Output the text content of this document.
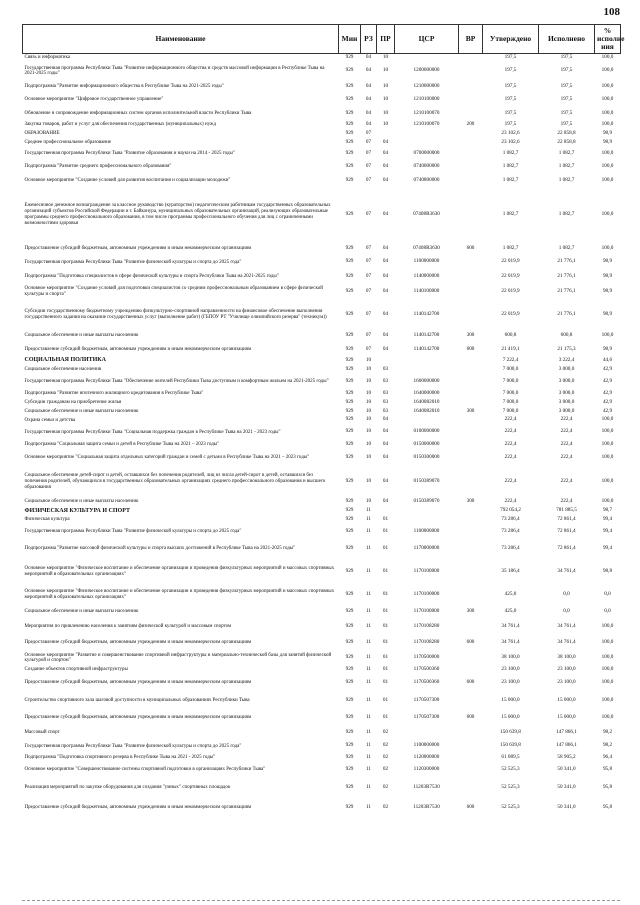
108
Наименование	Мин	РЗ	ПР	ЦСР	ВР	Утверждено	Исполнено	% исполне ния
Связь и информатика	929	04	10			197,5	197,5	100,0
Государственная программа Республики Тыва "Развитие информационного общества и средств массовой информации в Республике Тыва на 2021-2025 годы"	929	04	10	1200000000		197,5	197,5	100,0
Подпрограмма "Развитие информационного общества в Республике Тыва на 2021-2025 годы"	929	04	10	1210000000		197,5	197,5	100,0
Основное мероприятие "Цифровое государственное управление"	929	04	10	1210100000		197,5	197,5	100,0
Обновление и сопровождение информационных систем органов исполнительной власти Республики Тыва	929	04	10	1210100070		197,5	197,5	100,0
Закупка товаров, работ и услуг для обеспечения государственных (муниципальных) нужд	929	04	10	1210100070	200	197,5	197,5	100,0
ОБРАЗОВАНИЕ	929	07				23 102,6	22 858,8	98,9
Среднее профессиональное образование	929	07	04			23 102,6	22 858,8	98,9
Государственная программа Республики Тыва "Развитие образования и науки на 2014 - 2025 годы"	929	07	04	0700000000		1 082,7	1 082,7	100,0
Подпрограмма "Развитие среднего профессионального образования"	929	07	04	0740000000		1 082,7	1 082,7	100,0
Основное мероприятие "Создание условий для развития воспитания и социализации молодежи"	929	07	04	0740800000		1 082,7	1 082,7	100,0
Ежемесячное денежное вознаграждение за классное руководство (кураторство) педагогическим работникам государственных образовательных организаций субъектов Российской Федерации и г. Байконура, муниципальных образовательных организаций, реализующих образовательные программы среднего профессионального образования, в том числе программы профессионального обучения для лиц с ограниченными возможностями здоровья	929	07	04	07408R3630		1 082,7	1 082,7	100,0
Предоставление субсидий бюджетным, автономным учреждениям и иным некоммерческим организациям	929	07	04	07408R3630	600	1 082,7	1 082,7	100,0
Государственная программа Республики Тыва "Развитие физической культуры и спорта до 2025 года"	929	07	04	1100000000		22 019,9	21 776,1	98,9
Подпрограмма "Подготовка специалистов в сфере физической культуры и спорта Республики Тыва на 2021-2025 годы"	929	07	04	1140000000		22 019,9	21 776,1	98,9
Основное мероприятие "Создание условий для подготовки специалистов со средним профессиональным образованием в сфере физической культуры и спорта"	929	07	04	1140100000		22 019,9	21 776,1	98,9
Субсидии государственному бюджетному учреждению физкультурно-спортивной направленности на финансовое обеспечение выполнения государственного задания на оказание государственных услуг (выполнение работ) (ГБПОУ РТ "Училище олимпийского резерва" (техникум))	929	07	04	1140142700		22 019,9	21 776,1	98,9
Социальное обеспечение и иные выплаты населению	929	07	04	1140142700	300	600,8	600,8	100,0
Предоставление субсидий бюджетным, автономным учреждениям и иным некоммерческим организациям	929	07	04	1140142700	600	21 419,1	21 175,3	98,9
СОЦИАЛЬНАЯ ПОЛИТИКА	929	10				7 222,4	3 222,4	44,6
Социальное обеспечение населения	929	10	03			7 000,0	3 000,0	42,9
Государственная программа Республики Тыва "Обеспечение жителей Республики Тыва доступным и комфортным жильем на 2021-2025 годы"	929	10	03	1600000000		7 000,0	3 000,0	42,9
Подпрограмма "Развитие ипотечного жилищного кредитования в Республике Тыва"	929	10	03	1640000000		7 000,0	3 000,0	42,9
Субсидии гражданам на приобретение жилья	929	10	03	1640082010		7 000,0	3 000,0	42,9
Социальное обеспечение и иные выплаты населению	929	10	03	1640082010	300	7 000,0	3 000,0	42,9
Охрана семьи и детства	929	10	04			222,4	222,4	100,0
Государственная программа Республики Тыва "Социальная поддержка граждан в Республике Тыва на 2021 - 2023 годы"	929	10	04	0100000000		222,4	222,4	100,0
Подпрограмма "Социальная защита семьи и детей в Республике Тыва на 2021 – 2023 годы"	929	10	04	0150000000		222,4	222,4	100,0
Основное мероприятие "Социальная защита отдельных категорий граждан и семей с детьми в Республике Тыва на 2021 – 2023 годы"	929	10	04	0150300000		222,4	222,4	100,0
Социальное обеспечение детей-сирот и детей, оставшихся без попечения родителей, лиц из числа детей-сирот и детей, оставшихся без попечения родителей, обучающихся в государственных образовательных организациях среднего профессионального образования и высшего образования	929	10	04	0150389070		222,4	222,4	100,0
Социальное обеспечение и иные выплаты населению	929	10	04	0150389070	300	222,4	222,4	100,0
ФИЗИЧЕСКАЯ КУЛЬТУРА И СПОРТ	929	11				792 054,2	781 885,5	98,7
Физическая культура	929	11	01			73 286,4	72 861,4	99,4
Государственная программа Республики Тыва "Развитие физической культуры и спорта до 2025 года"	929	11	01	1100000000		73 286,4	72 861,4	99,4
Подпрограмма "Развитие массовой физической культуры и спорта высших достижений в Республике Тыва на 2021-2025 годы"	929	11	01	1170000000		73 286,4	72 861,4	99,4
Основное мероприятие "Физическое воспитание и обеспечение организации и проведения физкультурных мероприятий и массовых спортивных мероприятий в образовательных организациях"	929	11	01	1170100000		35 186,4	34 761,4	98,8
Основное мероприятие "Физическое воспитание и обеспечение организации и проведения физкультурных мероприятий и массовых спортивных мероприятий в образовательных организациях"	929	11	01	1170100000		425,0	0,0	0,0
Социальное обеспечение и иные выплаты населению	929	11	01	1170100000	300	425,0	0,0	0,0
Мероприятия по привлечению населения к занятиям физической культурой и массовым спортом	929	11	01	1170108280		34 761,4	34 761,4	100,0
Предоставление субсидий бюджетным, автономным учреждениям и иным некоммерческим организациям	929	11	01	1170108280	600	34 761,4	34 761,4	100,0
Основное мероприятие "Развитие и совершенствование спортивной инфраструктуры и материально-технической базы для занятий физической культурой и спортом"	929	11	01	1170500000		38 100,0	38 100,0	100,0
Создание объектов спортивной инфраструктуры	929	11	01	1170500360		23 100,0	23 100,0	100,0
Предоставление субсидий бюджетным, автономным учреждениям и иным некоммерческим организациям	929	11	01	1170500360	600	23 100,0	23 100,0	100,0
Строительство спортивного зала шаговой доступности в муниципальных образованиях Республики Тыва	929	11	01	1170507300		15 000,0	15 000,0	100,0
Предоставление субсидий бюджетным, автономным учреждениям и иным некоммерческим организациям	929	11	01	1170507300	600	15 000,0	15 000,0	100,0
Массовый спорт	929	11	02			150 639,8	147 866,1	98,2
Государственная программа Республики Тыва "Развитие физической культуры и спорта до 2025 года"	929	11	02	1100000000		150 639,8	147 866,1	98,2
Подпрограмма "Подготовка спортивного резерва в Республике Тыва на 2021 - 2025 годы"	929	11	02	1120000000		61 089,5	58 905,2	96,4
Основное мероприятие "Совершенствование системы спортивной подготовки в организациях Республики Тыва"	929	11	02	1120300000		52 525,3	50 341,0	95,8
Реализация мероприятий по закупке оборудования для создания "умных" спортивных площадок	929	11	02	11203R7530		52 525,3	50 341,0	95,8
Предоставление субсидий бюджетным, автономным учреждениям и иным некоммерческим организациям	929	11	02	11203R7530	600	52 525,3	50 341,0	95,8
